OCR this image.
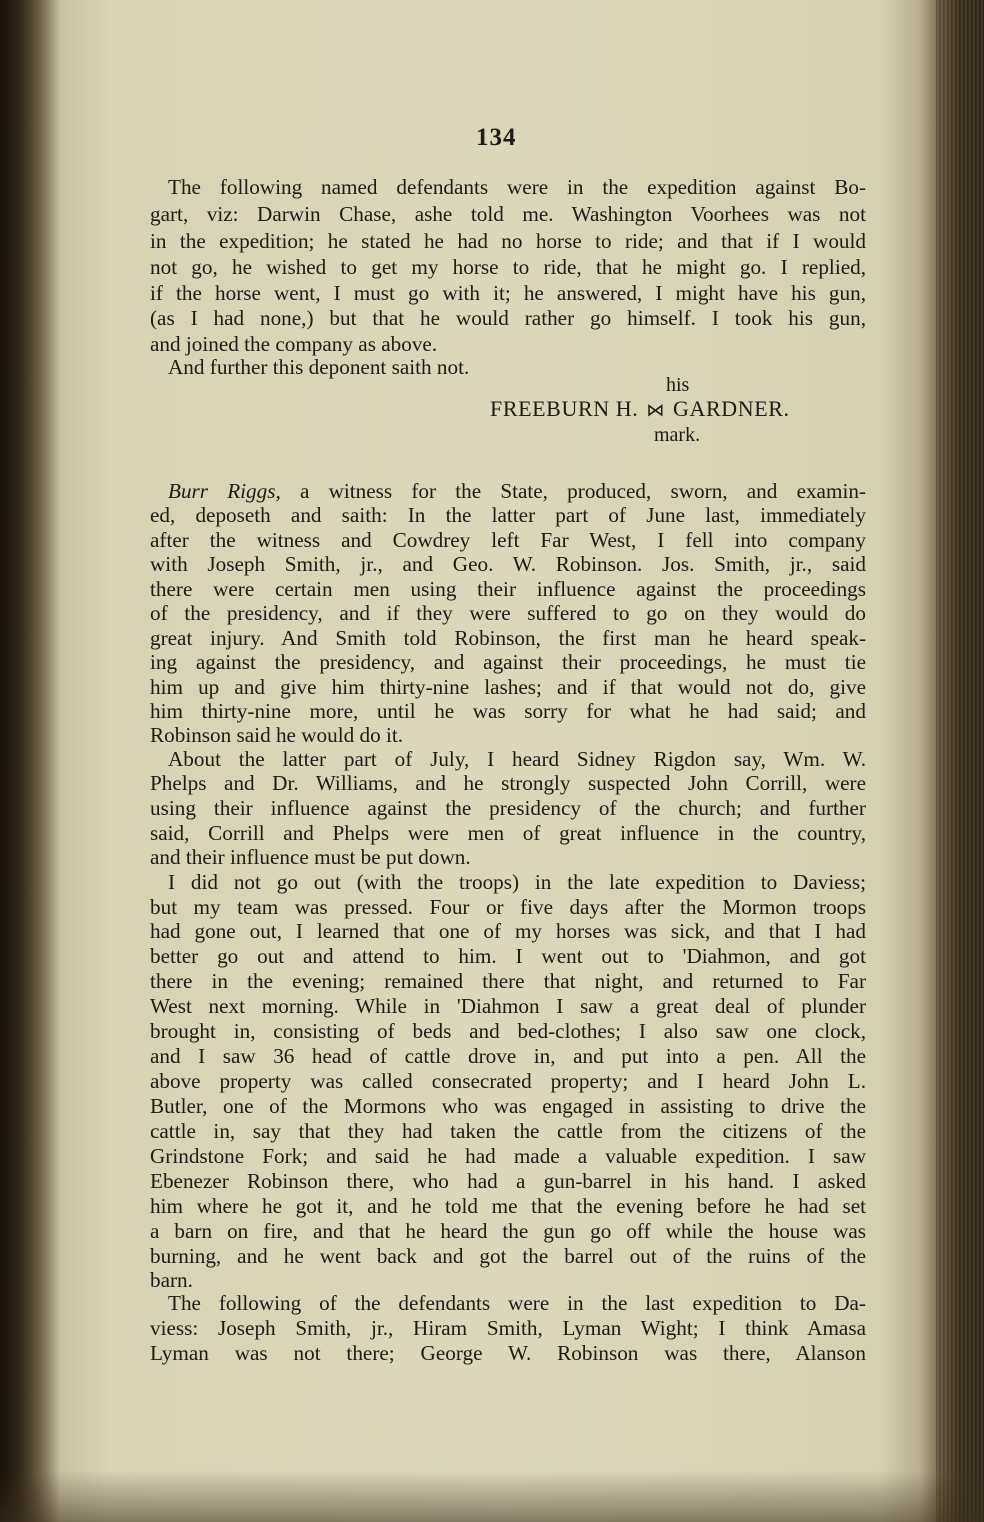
134
The following named defendants were in the expedition against Bo-
gart, viz: Darwin Chase, ashe told me. Washington Voorhees was not
in the expedition; he stated he had no horse to ride; and that if I would
not go, he wished to get my horse to ride, that he might go. I replied,
if the horse went, I must go with it; he answered, I might have his gun,
(as I had none,) but that he would rather go himself. I took his gun,
and joined the company as above.
And further this deponent saith not.
his
FREEBURN H. ⋈ GARDNER.
mark.
Burr Riggs, a witness for the State, produced, sworn, and examin-
ed, deposeth and saith: In the latter part of June last, immediately
after the witness and Cowdrey left Far West, I fell into company
with Joseph Smith, jr., and Geo. W. Robinson. Jos. Smith, jr., said
there were certain men using their influence against the proceedings
of the presidency, and if they were suffered to go on they would do
great injury. And Smith told Robinson, the first man he heard speak-
ing against the presidency, and against their proceedings, he must tie
him up and give him thirty-nine lashes; and if that would not do, give
him thirty-nine more, until he was sorry for what he had said; and
Robinson said he would do it.
About the latter part of July, I heard Sidney Rigdon say, Wm. W.
Phelps and Dr. Williams, and he strongly suspected John Corrill, were
using their influence against the presidency of the church; and further
said, Corrill and Phelps were men of great influence in the country,
and their influence must be put down.
I did not go out (with the troops) in the late expedition to Daviess;
but my team was pressed. Four or five days after the Mormon troops
had gone out, I learned that one of my horses was sick, and that I had
better go out and attend to him. I went out to 'Diahmon, and got
there in the evening; remained there that night, and returned to Far
West next morning. While in 'Diahmon I saw a great deal of plunder
brought in, consisting of beds and bed-clothes; I also saw one clock,
and I saw 36 head of cattle drove in, and put into a pen. All the
above property was called consecrated property; and I heard John L.
Butler, one of the Mormons who was engaged in assisting to drive the
cattle in, say that they had taken the cattle from the citizens of the
Grindstone Fork; and said he had made a valuable expedition. I saw
Ebenezer Robinson there, who had a gun-barrel in his hand. I asked
him where he got it, and he told me that the evening before he had set
a barn on fire, and that he heard the gun go off while the house was
burning, and he went back and got the barrel out of the ruins of the
barn.
The following of the defendants were in the last expedition to Da-
viess: Joseph Smith, jr., Hiram Smith, Lyman Wight; I think Amasa
Lyman was not there; George W. Robinson was there, Alanson
